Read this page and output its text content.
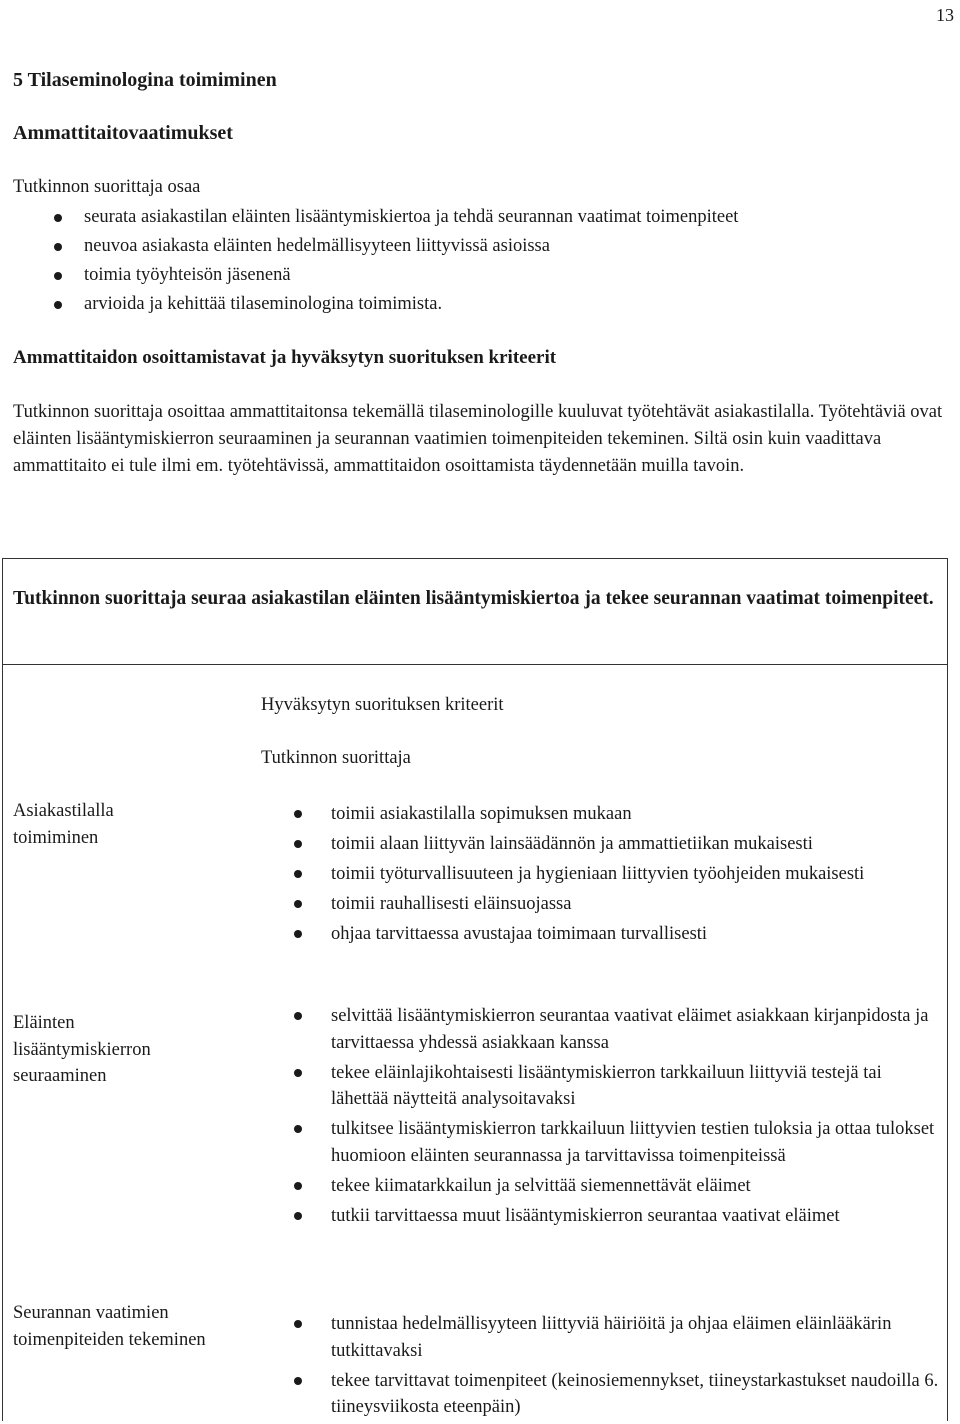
13
5 Tilaseminologina toimiminen
Ammattitaitovaatimukset
Tutkinnon suorittaja osaa
seurata asiakastilan eläinten lisääntymiskiertoa ja tehdä seurannan vaatimat toimenpiteet
neuvoa asiakasta eläinten hedelmällisyyteen liittyvissä asioissa
toimia työyhteisön jäsenenä
arvioida ja kehittää tilaseminologina toimimista.
Ammattitaidon osoittamistavat ja hyväksytyn suorituksen kriteerit
Tutkinnon suorittaja osoittaa ammattitaitonsa tekemällä tilaseminologille kuuluvat työtehtävät asiakastilalla. Työtehtäviä ovat eläinten lisääntymiskierron seuraaminen ja seurannan vaatimien toimenpiteiden tekeminen. Siltä osin kuin vaadittava ammattitaito ei tule ilmi em. työtehtävissä, ammattitaidon osoittamista täydennetään muilla tavoin.
Tutkinnon suorittaja seuraa asiakastilan eläinten lisääntymiskiertoa ja tekee seurannan vaatimat toimenpiteet.
Hyväksytyn suorituksen kriteerit
Tutkinnon suorittaja
Asiakastilalla toimiminen
toimii asiakastilalla sopimuksen mukaan
toimii alaan liittyvän lainsäädännön ja ammattietiikan mukaisesti
toimii työturvallisuuteen ja hygieniaan liittyvien työohjeiden mukaisesti
toimii rauhallisesti eläinsuojassa
ohjaa tarvittaessa avustajaa toimimaan turvallisesti
Eläinten lisääntymiskierron seuraaminen
selvittää lisääntymiskierron seurantaa vaativat eläimet asiakkaan kirjanpidosta ja tarvittaessa yhdessä asiakkaan kanssa
tekee eläinlajikohtaisesti lisääntymiskierron tarkkailuun liittyviä testejä tai lähettää näytteitä analysoitavaksi
tulkitsee lisääntymiskierron tarkkailuun liittyvien testien tuloksia ja ottaa tulokset huomioon eläinten seurannassa ja tarvittavissa toimenpiteissä
tekee kiimatarkkailun ja selvittää siemennettävät eläimet
tutkii tarvittaessa muut lisääntymiskierron seurantaa vaativat eläimet
Seurannan vaatimien toimenpiteiden tekeminen
tunnistaa hedelmällisyyteen liittyviä häiriöitä ja ohjaa eläimen eläinlääkärin tutkittavaksi
tekee tarvittavat toimenpiteet (keinosiemennykset, tiineystarkastukset naudoilla 6. tiineysviikosta eteenpäin)
